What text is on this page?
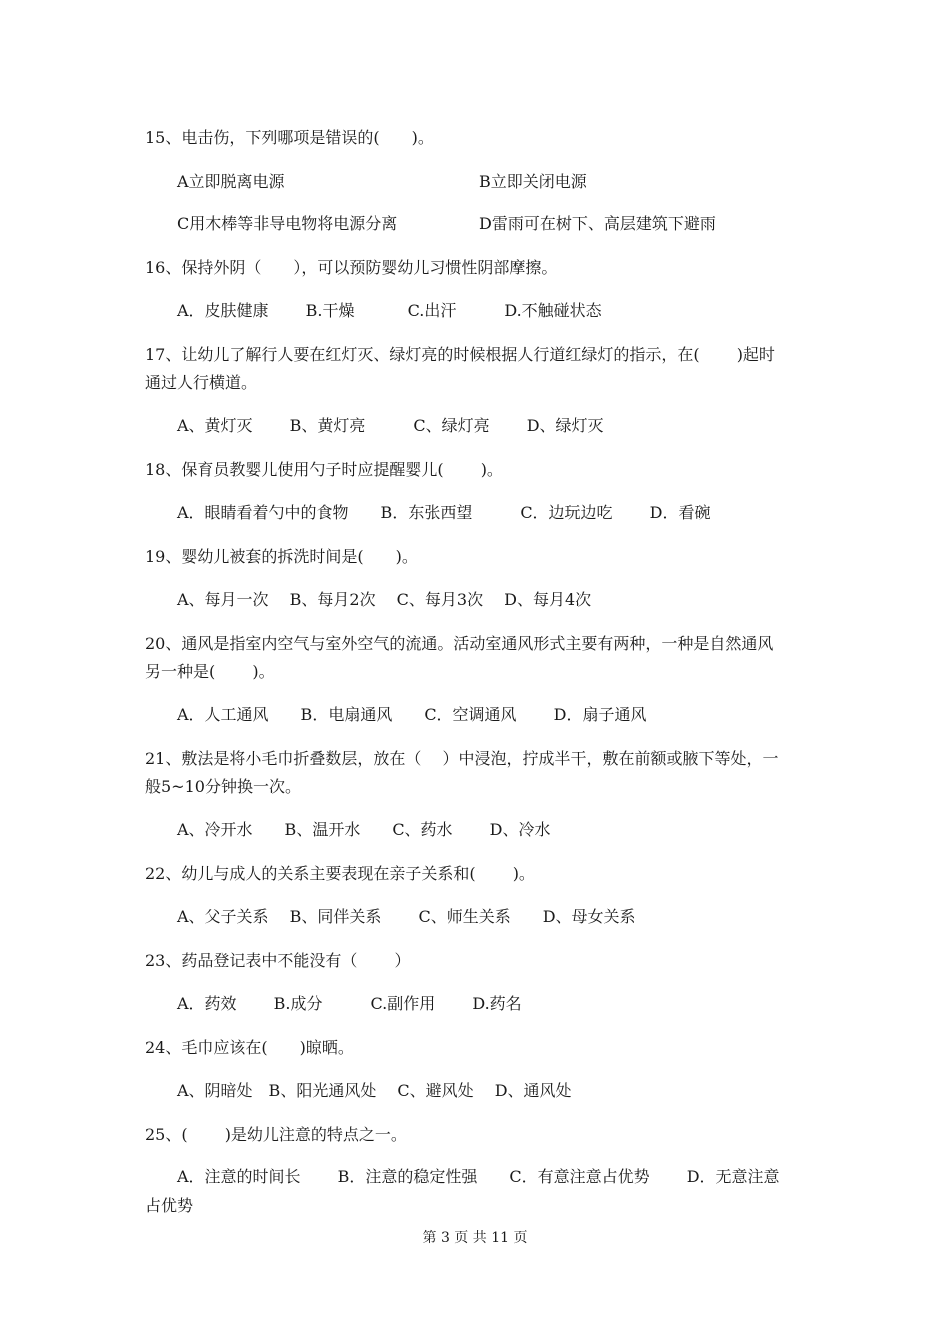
15、电击伤，下列哪项是错误的(　　)。
A立即脱离电源	B立即关闭电源
C用木棒等非导电物将电源分离	D雷雨可在树下、高层建筑下避雨
16、保持外阴（　　），可以预防婴幼儿习惯性阴部摩擦。
A．皮肤健康　　 B.干燥　　　 C.出汗　　　D.不触碰状态
17、让幼儿了解行人要在红灯灭、绿灯亮的时候根据人行道红绿灯的指示，在(　　 )起时
通过人行横道。
A、黄灯灭　　 B、黄灯亮　　　C、绿灯亮　　 D、绿灯灭
18、保育员教婴儿使用勺子时应提醒婴儿(　　 )。
A．眼睛看着勺中的食物　　B．东张西望　　　C．边玩边吃　　 D．看碗
19、婴幼儿被套的拆洗时间是(　　)。
A、每月一次　 B、每月2次　 C、每月3次　 D、每月4次
20、通风是指室内空气与室外空气的流通。活动室通风形式主要有两种，一种是自然通风
另一种是(　　 )。
A．人工通风　　B．电扇通风　　C．空调通风　　 D．扇子通风
21、敷法是将小毛巾折叠数层，放在（　 ）中浸泡，拧成半干，敷在前额或腋下等处，一
般5~10分钟换一次。
A、冷开水　　B、温开水　　C、药水　　 D、冷水
22、幼儿与成人的关系主要表现在亲子关系和(　　 )。
A、父子关系　 B、同伴关系　　 C、师生关系　　D、母女关系
23、药品登记表中不能没有（　　 ）
A．药效　　 B.成分　　　C.副作用　　 D.药名
24、毛巾应该在(　　)晾晒。
A、阴暗处　B、阳光通风处　 C、避风处　 D、通风处
25、(　　 )是幼儿注意的特点之一。
A．注意的时间长　　 B．注意的稳定性强　　C．有意注意占优势　　 D．无意注意
占优势
第 3 页 共 11 页
